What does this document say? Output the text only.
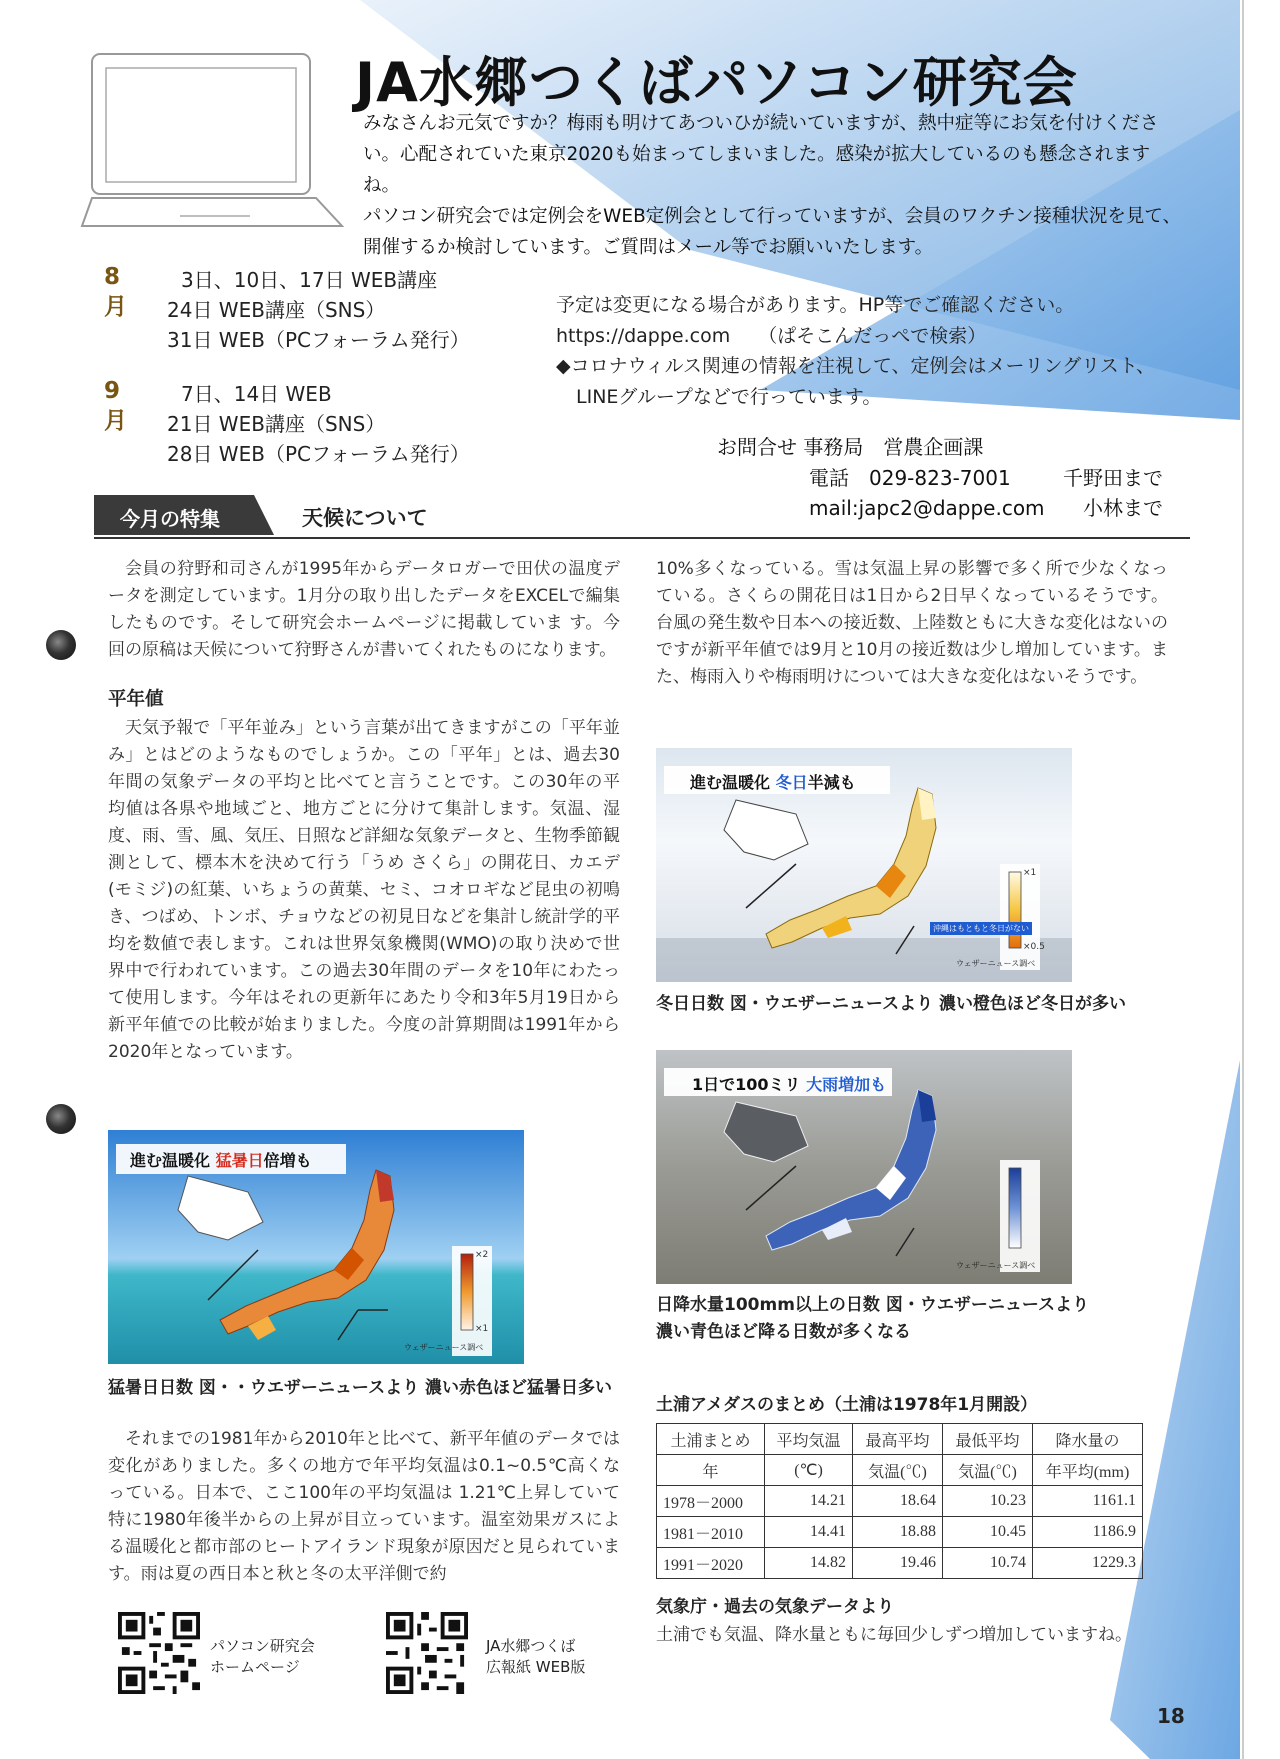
JA水郷つくばパソコン研究会
みなさんお元気ですか？梅雨も明けてあついひが続いていますが、熱中症等にお気を付けくださ
い。心配されていた東京2020も始まってしまいました。感染が拡大しているのも懸念されますね。
パソコン研究会では定例会をWEB定例会として行っていますが、会員のワクチン接種状況を見て、
開催するか検討しています。ご質問はメール等でお願いいたします。
8月
3日、10日、17日 WEB講座
24日 WEB講座（SNS）
31日 WEB（PCフォーラム発行）
9月
7日、14日 WEB
21日 WEB講座（SNS）
28日 WEB（PCフォーラム発行）

予定は変更になる場合があります。HP等でご確認ください。

https://dappe.com （ぱそこんだっぺで検索）

◆コロナウィルス関連の情報を注視して、定例会はメーリングリスト、

LINEグループなどで行っています。

お問合せ 事務局　営農企画課
電話　029-823-7001	千野田まで
mail:japc2@dappe.com 小林まで
今月の特集	天候について

会員の狩野和司さんが1995年からデータロガーで田伏の温度データを測定しています。1月分の取り出したデータをEXCELで編集したものです。そして研究会ホームページに掲載していま す。今回の原稿は天候について狩野さんが書いてくれたものになります。

平年値

天気予報で「平年並み」という言葉が出てきますがこの「平年並み」とはどのようなものでしょうか。この「平年」とは、過去30年間の気象データの平均と比べてと言うことです。この30年の平均値は各県や地域ごと、地方ごとに分けて集計します。気温、湿度、雨、雪、風、気圧、日照など詳細な気象データと、生物季節観測として、標本木を決めて行う「うめ さくら」の開花日、カエデ(モミジ)の紅葉、いちょうの黄葉、セミ、コオロギなど昆虫の初鳴き、つばめ、トンボ、チョウなどの初見日などを集計し統計学的平均を数値で表します。これは世界気象機関(WMO)の取り決めで世界中で行われています。この過去30年間のデータを10年にわたって使用します。今年はそれの更新年にあたり令和3年5月19日から新平年値での比較が始まりました。今度の計算期間は1991年から2020年となっています。

進む温暖化 猛暑日倍増も
×2
×1
ウェザーニュース調べ
猛暑日日数 図・・ウエザーニュースより 濃い赤色ほど猛暑日多い

それまでの1981年から2010年と比べて、新平年値のデータでは変化がありました。多くの地方で年平均気温は0.1~0.5℃高くなっている。日本で、ここ100年の平均気温は 1.21℃上昇していて特に1980年後半からの上昇が目立っています。温室効果ガスによる温暖化と都市部のヒートアイランド現象が原因だと見られています。雨は夏の西日本と秋と冬の太平洋側で約

10%多くなっている。雪は気温上昇の影響で多く所で少なくなっている。さくらの開花日は1日から2日早くなっているそうです。台風の発生数や日本への接近数、上陸数ともに大きな変化はないのですが新平年値では9月と10月の接近数は少し増加しています。また、梅雨入りや梅雨明けについては大きな変化はないそうです。

進む温暖化 冬日半減も
×1
×0.5
沖縄はもともと冬日がない
ウェザーニュース調べ
冬日日数 図・ウエザーニュースより 濃い橙色ほど冬日が多い
1日で100ミリ 大雨増加も
ウェザーニュース調べ
日降水量100mm以上の日数 図・ウエザーニュースより
濃い青色ほど降る日数が多くなる
土浦アメダスのまとめ（土浦は1978年1月開設）
土浦まとめ	平均気温	最高平均	最低平均	降水量の
年	(℃)	気温(℃)	気温(℃)	年平均(mm)
1978－2000	14.21	18.64	10.23	1161.1
1981－2010	14.41	18.88	10.45	1186.9
1991－2020	14.82	19.46	10.74	1229.3
気象庁・過去の気象データより
土浦でも気温、降水量ともに毎回少しずつ増加していますね。
パソコン研究会
ホームページ
JA水郷つくば
広報紙 WEB版
18
